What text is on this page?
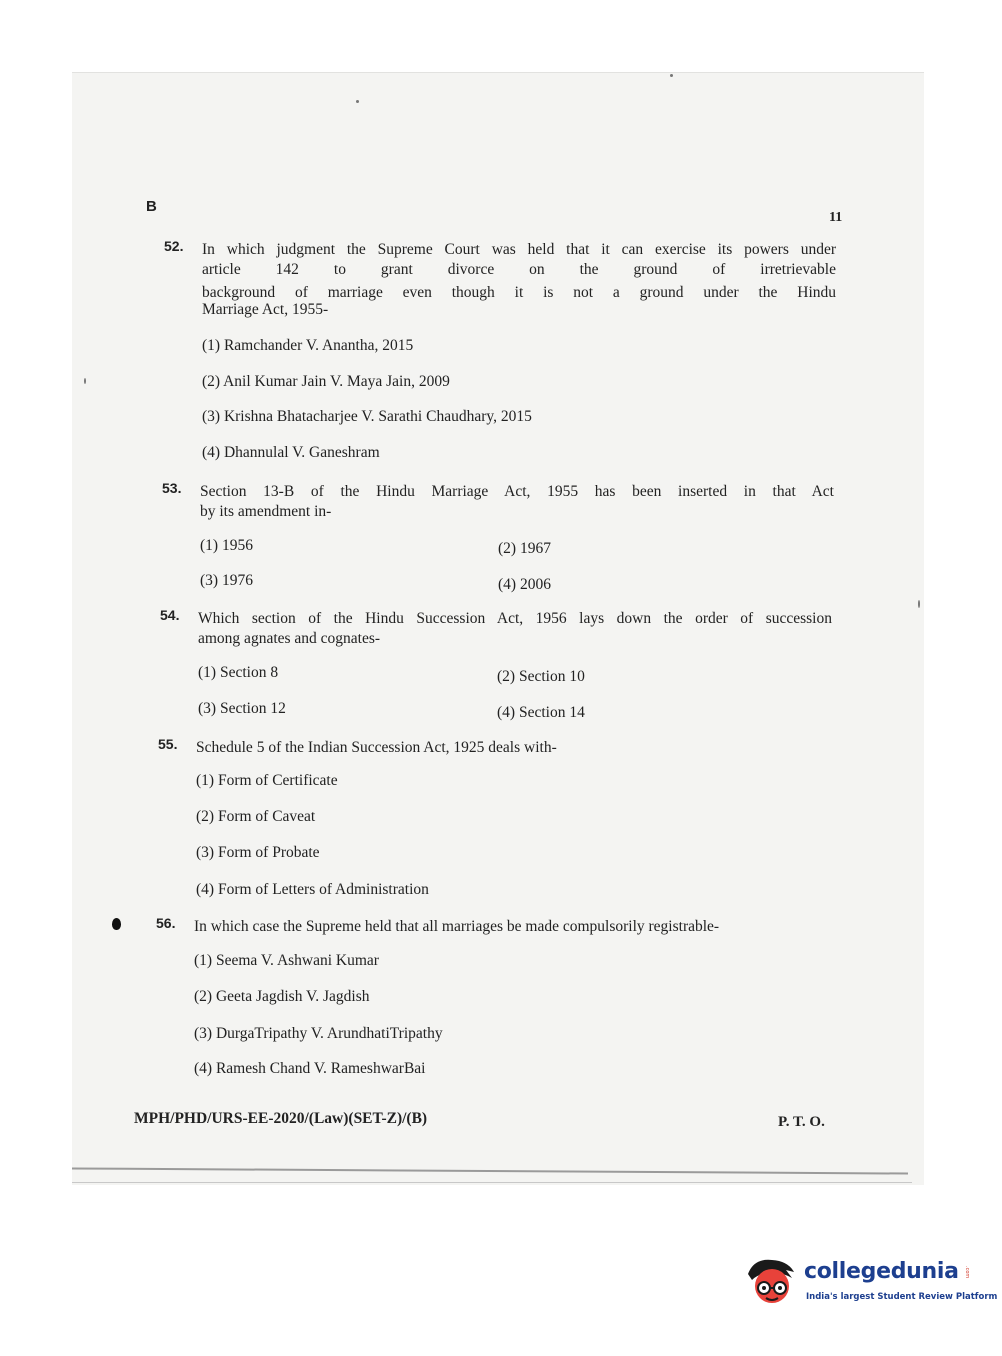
B
11
52. In which judgment the Supreme Court was held that it can exercise its powers under
article 142 to grant divorce on the ground of irretrievable
background of marriage even though it is not a ground under the Hindu
Marriage Act, 1955-
(1) Ramchander V. Anantha, 2015
(2) Anil Kumar Jain V. Maya Jain, 2009
(3) Krishna Bhatacharjee V. Sarathi Chaudhary, 2015
(4) Dhannulal V. Ganeshram
53. Section 13-B of the Hindu Marriage Act, 1955 has been inserted in that Act
by its amendment in-
(1) 1956	(2) 1967
(3) 1976	(4) 2006
54. Which section of the Hindu Succession Act, 1956 lays down the order of succession
among agnates and cognates-
(1) Section 8	(2) Section 10
(3) Section 12	(4) Section 14
55. Schedule 5 of the Indian Succession Act, 1925 deals with-
(1) Form of Certificate
(2) Form of Caveat
(3) Form of Probate
(4) Form of Letters of Administration
56. In which case the Supreme held that all marriages be made compulsorily registrable-
(1) Seema V. Ashwani Kumar
(2) Geeta Jagdish V. Jagdish
(3) DurgaTripathy V. ArundhatiTripathy
(4) Ramesh Chand V. RameshwarBai
MPH/PHD/URS-EE-2020/(Law)(SET-Z)/(B)	P. T. O.
collegedunia .com
India's largest Student Review Platform
